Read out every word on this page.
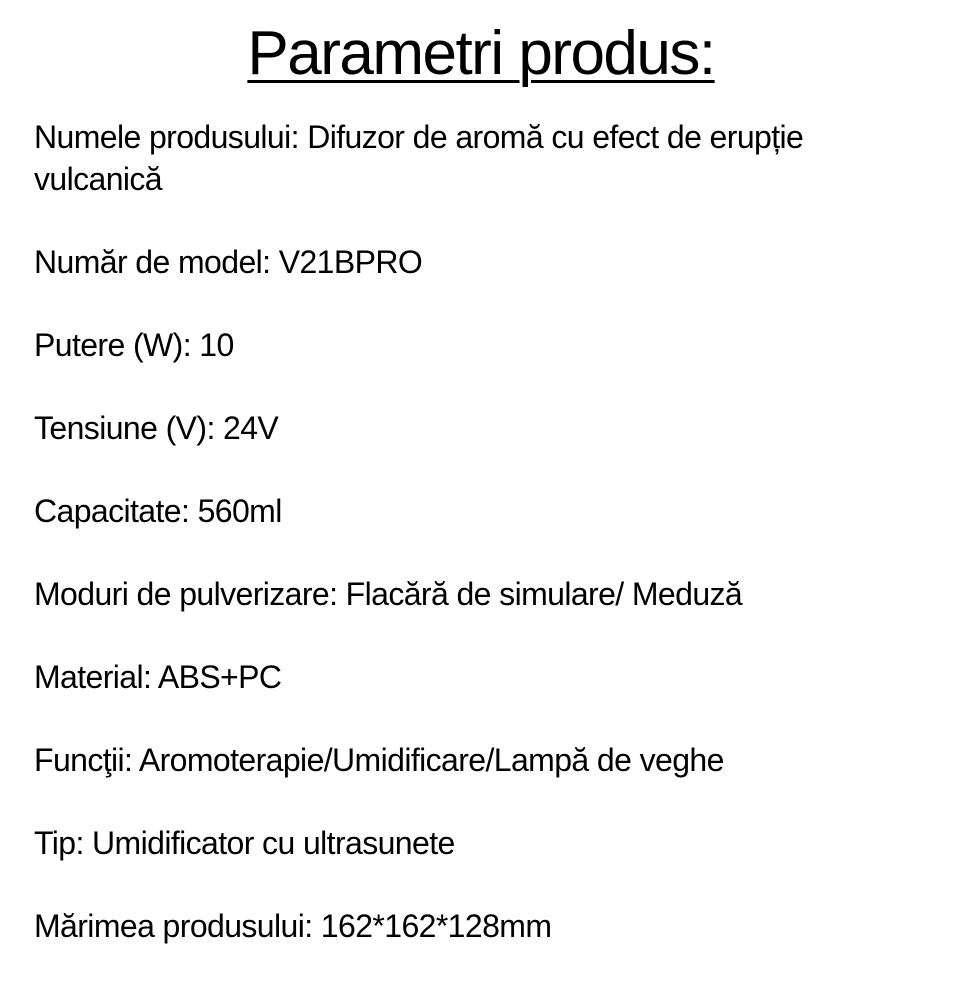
Parametri produs:
Numele produsului: Difuzor de aromă cu efect de erupție vulcanică
Număr de model: V21BPRO
Putere (W): 10
Tensiune (V): 24V
Capacitate: 560ml
Moduri de pulverizare: Flacără de simulare/ Meduză
Material: ABS+PC
Funcţii: Aromoterapie/Umidificare/Lampă de veghe
Tip: Umidificator cu ultrasunete
Mărimea produsului: 162*162*128mm
